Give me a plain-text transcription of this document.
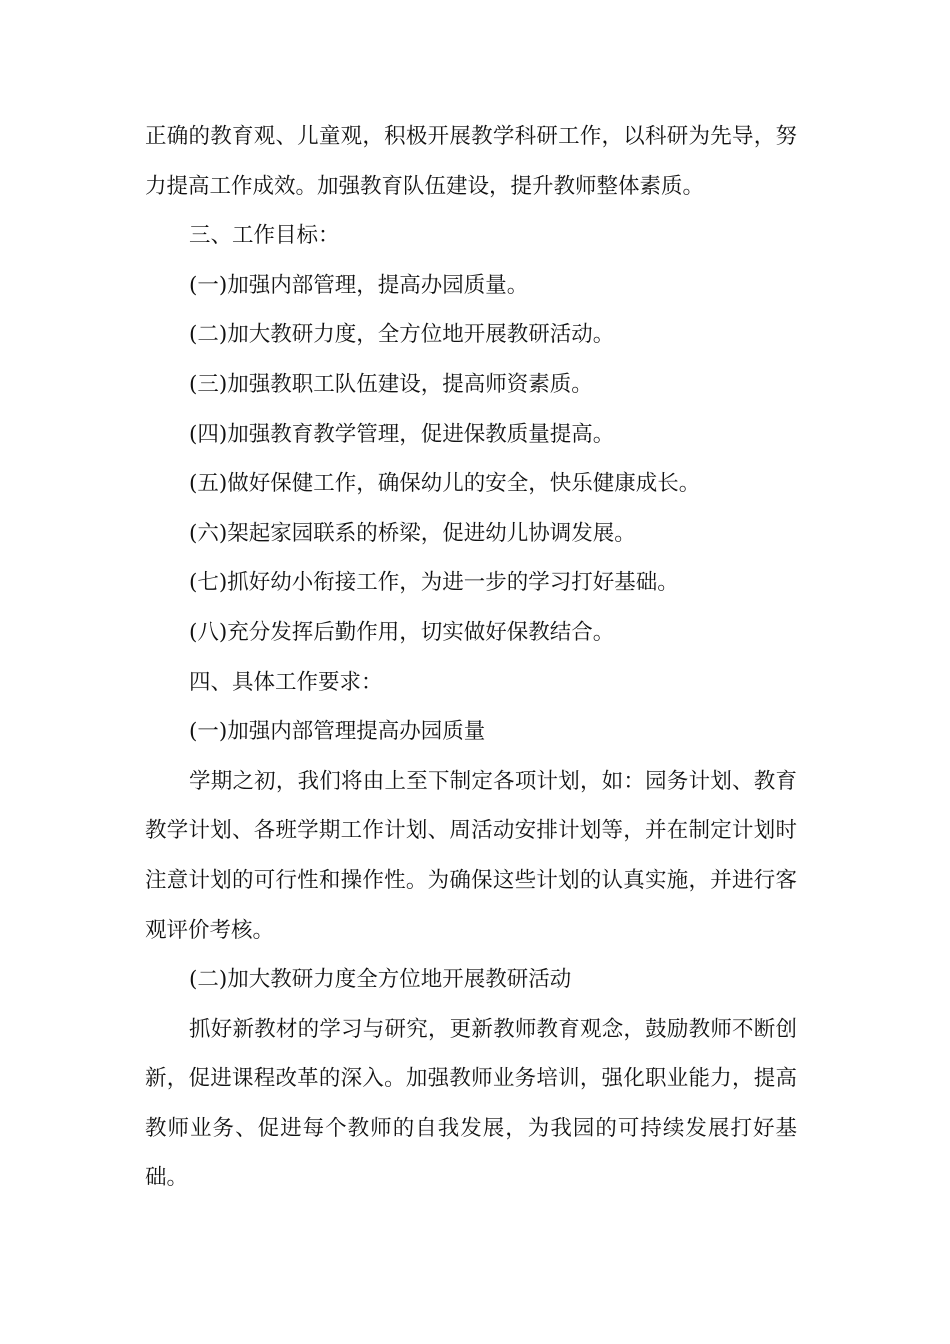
正确的教育观、儿童观，积极开展教学科研工作，以科研为先导，努力提高工作成效。加强教育队伍建设，提升教师整体素质。

三、工作目标：

(一)加强内部管理，提高办园质量。

(二)加大教研力度，全方位地开展教研活动。

(三)加强教职工队伍建设，提高师资素质。

(四)加强教育教学管理，促进保教质量提高。

(五)做好保健工作，确保幼儿的安全，快乐健康成长。

(六)架起家园联系的桥梁，促进幼儿协调发展。

(七)抓好幼小衔接工作，为进一步的学习打好基础。

(八)充分发挥后勤作用，切实做好保教结合。

四、具体工作要求：

(一)加强内部管理提高办园质量

学期之初，我们将由上至下制定各项计划，如：园务计划、教育教学计划、各班学期工作计划、周活动安排计划等，并在制定计划时注意计划的可行性和操作性。为确保这些计划的认真实施，并进行客观评价考核。

(二)加大教研力度全方位地开展教研活动

抓好新教材的学习与研究，更新教师教育观念，鼓励教师不断创新，促进课程改革的深入。加强教师业务培训，强化职业能力，提高教师业务、促进每个教师的自我发展，为我园的可持续发展打好基础。
